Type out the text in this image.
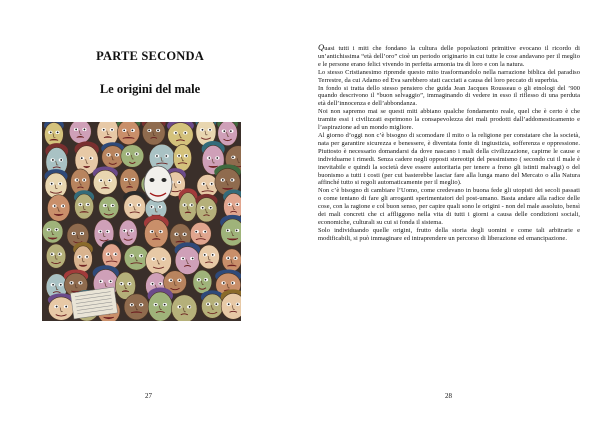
PARTE SECONDA
Le origini del male
27

Quasi tutti i miti che fondano la cultura delle popolazioni primitive evocano il ricordo di un’antichissima “età dell’oro” cioè un periodo originario in cui tutte le cose andavano per il meglio e le persone erano felici vivendo in perfetta armonia tra di loro e con la natura.

Lo stesso Cristianesimo riprende questo mito trasformandolo nella narrazione biblica del paradiso Terrestre, da cui Adamo ed Eva sarebbero stati cacciati a causa del loro peccato di superbia.

In fondo si tratta dello stesso pensiero che guida Jean Jacques Rousseau o gli etnologi del ’900 quando descrivono il “buon selvaggio”, immaginando di vedere in esso il riflesso di una perduta età dell’innocenza e dell’abbondanza.

Noi non sapremo mai se questi miti abbiano qualche fondamento reale, quel che è certo è che tramite essi i civilizzati esprimono la consapevolezza dei mali prodotti dall’addomesticamento e l’aspirazione ad un mondo migliore.

Al giorno d’oggi non c’è bisogno di scomodare il mito o la religione per constatare che la società, nata per garantire sicurezza e benessere, è diventata fonte di ingiustizia, sofferenza e oppressione. Piuttosto è necessario domandarsi da dove nascano i mali della civilizzazione, capirne le cause e individuarne i rimedi. Senza cadere negli opposti stereotipi del pessimismo ( secondo cui il male è inevitabile e quindi la società deve essere autoritaria per tenere a freno gli istinti malvagi) o del buonismo a tutti i costi (per cui basterebbe lasciar fare alla lunga mano del Mercato o alla Natura affinché tutto si regoli automaticamente per il meglio).

Non c’è bisogno di cambiare l’Uomo, come credevano in buona fede gli utopisti dei secoli passati o come tentano di fare gli arroganti sperimentatori del post-umano. Basta andare alla radice delle cose, con la ragione e col buon senso, per capire quali sono le origini - non del male assoluto, bensì dei mali concreti che ci affliggono nella vita di tutti i giorni a causa delle condizioni sociali, economiche, culturali su cui si fonda il sistema.

Solo individuando quelle origini, frutto della storia degli uomini e come tali arbitrarie e modificabili, si può immaginare ed intraprendere un percorso di liberazione ed emancipazione.

28
